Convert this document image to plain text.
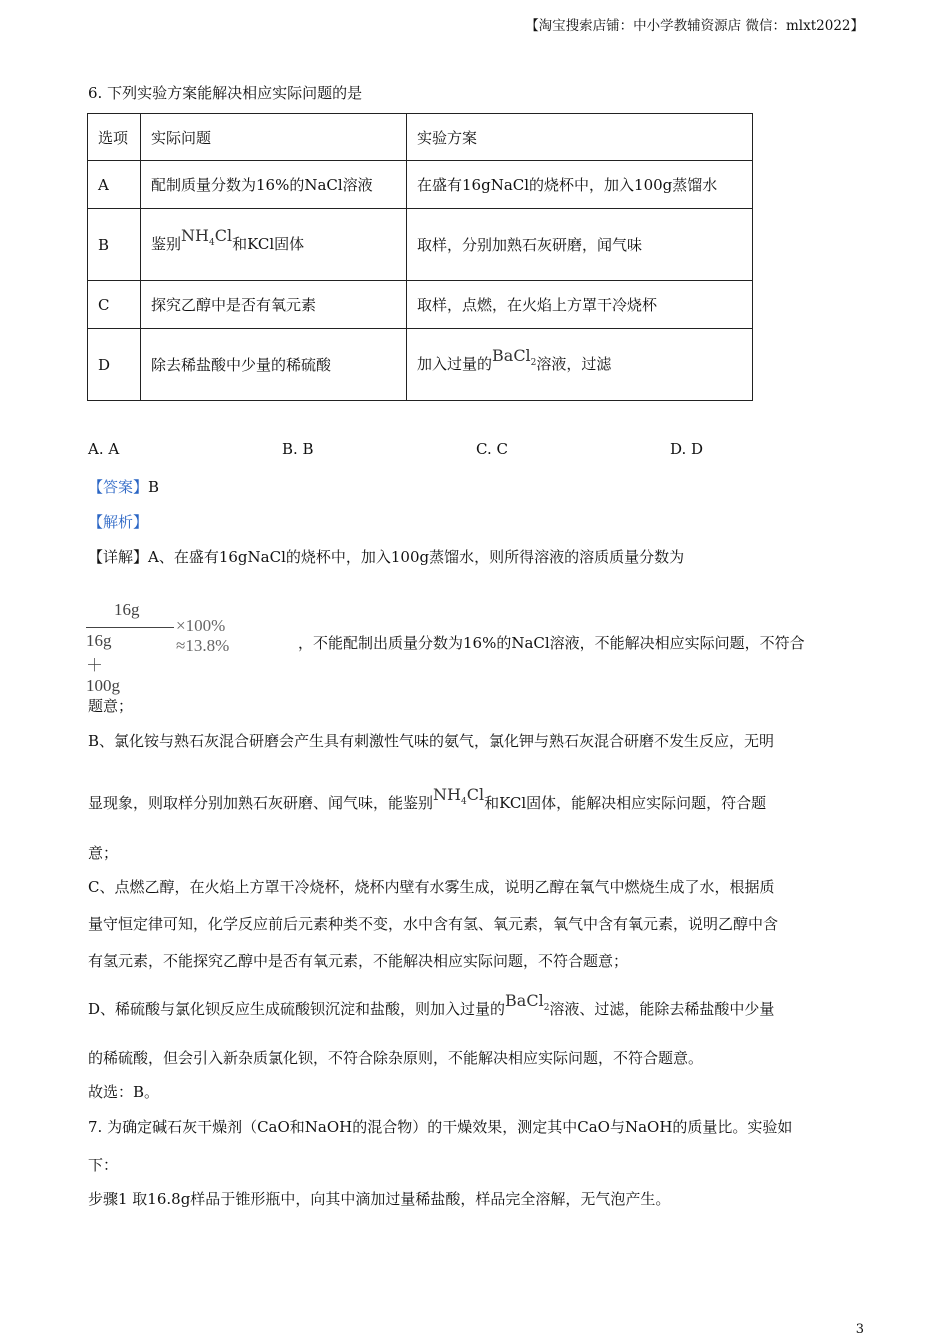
【淘宝搜索店铺：中小学教辅资源店 微信：mlxt2022】
6. 下列实验方案能解决相应实际问题的是
选项	实际问题	实验方案
A	配制质量分数为16%的NaCl溶液	在盛有16gNaCl的烧杯中，加入100g蒸馏水
B	鉴别$NH_4Cl$和KCl固体	取样，分别加熟石灰研磨，闻气味
C	探究乙醇中是否有氧元素	取样，点燃，在火焰上方罩干冷烧杯
D	除去稀盐酸中少量的稀硫酸	加入过量的BaCl$_2$溶液，过滤
A. A	B. B	C. C	D. D
【答案】B
【解析】
【详解】A、在盛有16gNaCl的烧杯中，加入100g蒸馏水，则所得溶液的溶质质量分数为
16g
16g＋100g
×100% ≈13.8%	，不能配制出质量分数为16%的NaCl溶液，不能解决相应实际问题，不符合
题意；
B、氯化铵与熟石灰混合研磨会产生具有刺激性气味的氨气，氯化钾与熟石灰混合研磨不发生反应，无明
显现象，则取样分别加熟石灰研磨、闻气味，能鉴别$NH_4Cl$和KCl固体，能解决相应实际问题，符合题
意；
C、点燃乙醇，在火焰上方罩干冷烧杯，烧杯内壁有水雾生成，说明乙醇在氧气中燃烧生成了水，根据质
量守恒定律可知，化学反应前后元素种类不变，水中含有氢、氧元素，氧气中含有氧元素，说明乙醇中含
有氢元素，不能探究乙醇中是否有氧元素，不能解决相应实际问题，不符合题意；
D、稀硫酸与氯化钡反应生成硫酸钡沉淀和盐酸，则加入过量的BaCl$_2$溶液、过滤，能除去稀盐酸中少量
的稀硫酸，但会引入新杂质氯化钡，不符合除杂原则，不能解决相应实际问题，不符合题意。
故选：B。
7. 为确定碱石灰干燥剂（CaO和NaOH的混合物）的干燥效果，测定其中CaO与NaOH的质量比。实验如
下：
步骤1 取16.8g样品于锥形瓶中，向其中滴加过量稀盐酸，样品完全溶解，无气泡产生。
3
